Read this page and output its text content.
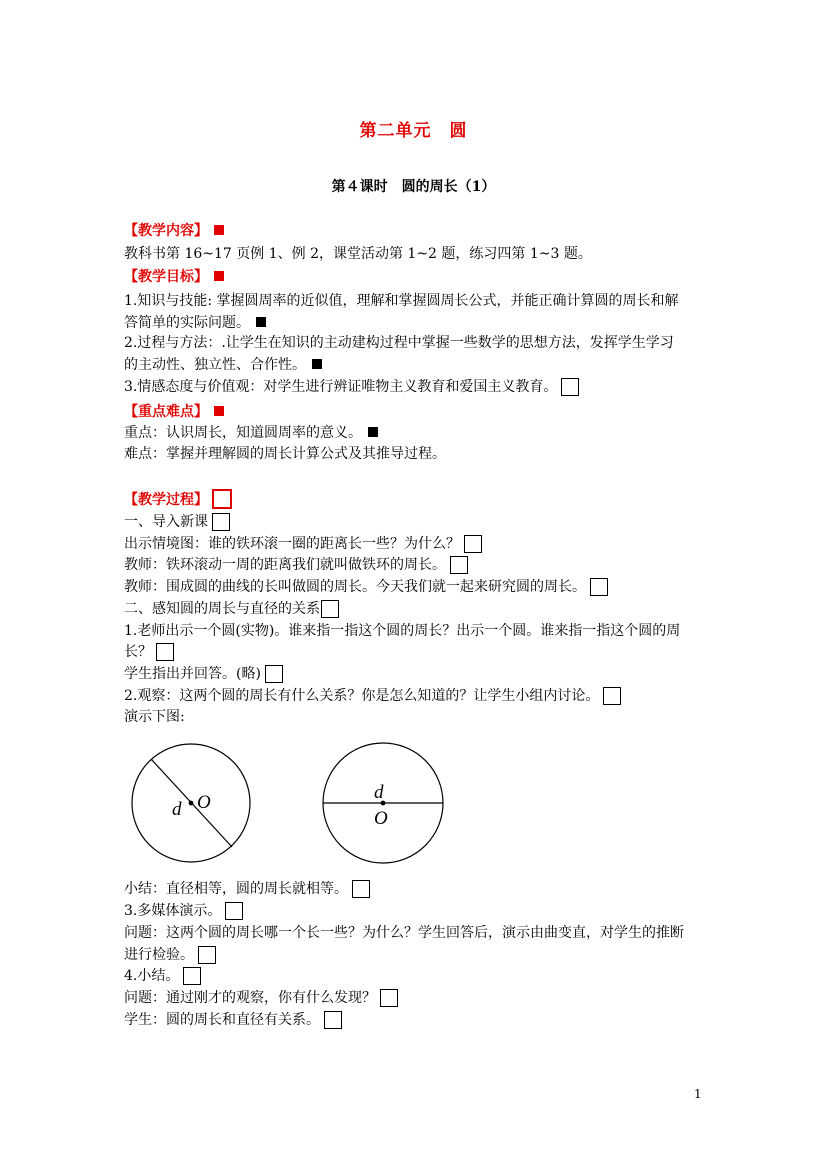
第二单元　圆
第４课时　圆的周长（1）
【教学内容】
教科书第 16~17 页例 1、例 2，课堂活动第 1~2 题，练习四第 1~3 题。
【教学目标】
1.知识与技能: 掌握圆周率的近似值，理解和掌握圆周长公式，并能正确计算圆的周长和解
答简单的实际问题。
2.过程与方法：.让学生在知识的主动建构过程中掌握一些数学的思想方法，发挥学生学习
的主动性、独立性、合作性。
3.情感态度与价值观：对学生进行辨证唯物主义教育和爱国主义教育。
【重点难点】
重点：认识周长，知道圆周率的意义。
难点：掌握并理解圆的周长计算公式及其推导过程。
【教学过程】
一、导入新课
出示情境图：谁的铁环滚一圈的距离长一些？为什么？
教师：铁环滚动一周的距离我们就叫做铁环的周长。
教师：围成圆的曲线的长叫做圆的周长。今天我们就一起来研究圆的周长。
二、感知圆的周长与直径的关系
1.老师出示一个圆(实物)。谁来指一指这个圆的周长？出示一个圆。谁来指一指这个圆的周
长？
学生指出并回答。(略)
2.观察：这两个圆的周长有什么关系？你是怎么知道的？让学生小组内讨论。
演示下图:
d O	d
O
小结：直径相等，圆的周长就相等。
3.多媒体演示。
问题：这两个圆的周长哪一个长一些？为什么？学生回答后，演示由曲变直，对学生的推断
进行检验。
4.小结。
问题：通过刚才的观察，你有什么发现？
学生：圆的周长和直径有关系。
1
